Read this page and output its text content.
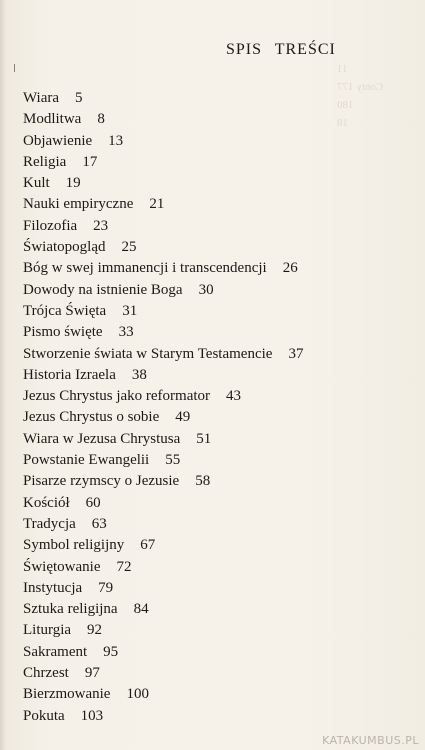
11
Conty 177
180
18
SPIS TREŚCI
Wiara 5
Modlitwa 8
Objawienie 13
Religia 17
Kult 19
Nauki empiryczne 21
Filozofia 23
Światopogląd 25
Bóg w swej immanencji i transcendencji 26
Dowody na istnienie Boga 30
Trójca Święta 31
Pismo święte 33
Stworzenie świata w Starym Testamencie 37
Historia Izraela 38
Jezus Chrystus jako reformator 43
Jezus Chrystus o sobie 49
Wiara w Jezusa Chrystusa 51
Powstanie Ewangelii 55
Pisarze rzymscy o Jezusie 58
Kościół 60
Tradycja 63
Symbol religijny 67
Świętowanie 72
Instytucja 79
Sztuka religijna 84
Liturgia 92
Sakrament 95
Chrzest 97
Bierzmowanie 100
Pokuta 103
KATAKUMBUS.PL
